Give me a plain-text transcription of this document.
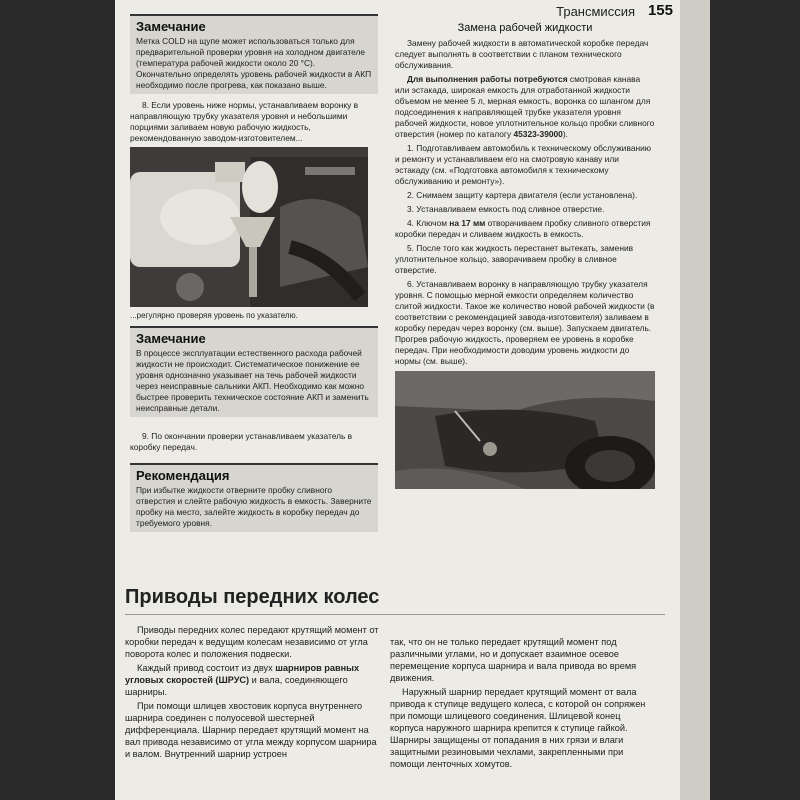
Трансмиссия 155
Замечание
Метка COLD на щупе может использоваться только для предварительной проверки уровня на холодном двигателе (температура рабочей жидкости около 20 °С). Окончательно определять уровень рабочей жидкости в АКП необходимо после прогрева, как показано выше.

8. Если уровень ниже нормы, устанавливаем воронку в направляющую трубку указателя уровня и небольшими порциями заливаем новую рабочую жидкость, рекомендованную заводом-изготовителем...

...регулярно проверяя уровень по указателю.
Замечание
В процессе эксплуатации естественного расхода рабочей жидкости не происходит. Систематическое понижение ее уровня однозначно указывает на течь рабочей жидкости через неисправные сальники АКП. Необходимо как можно быстрее проверить техническое состояние АКП и заменить неисправные детали.

9. По окончании проверки устанавливаем указатель в коробку передач.

Рекомендация
При избытке жидкости отверните пробку сливного отверстия и слейте рабочую жидкость в емкость. Заверните пробку на место, залейте жидкость в коробку передач до требуемого уровня.
Замена рабочей жидкости

Замену рабочей жидкости в автоматической коробке передач следует выполнять в соответствии с планом технического обслуживания.

Для выполнения работы потребуются смотровая канава или эстакада, широкая емкость для отработанной жидкости объемом не менее 5 л, мерная емкость, воронка со шлангом для подсоединения к направляющей трубке указателя уровня рабочей жидкости, новое уплотнительное кольцо пробки сливного отверстия (номер по каталогу 45323-39000).

1. Подготавливаем автомобиль к техническому обслуживанию и ремонту и устанавливаем его на смотровую канаву или эстакаду (см. «Подготовка автомобиля к техническому обслуживанию и ремонту»).

2. Снимаем защиту картера двигателя (если установлена).

3. Устанавливаем емкость под сливное отверстие.

4. Ключом на 17 мм отворачиваем пробку сливного отверстия коробки передач и сливаем жидкость в емкость.

5. После того как жидкость перестанет вытекать, заменив уплотнительное кольцо, заворачиваем пробку в сливное отверстие.

6. Устанавливаем воронку в направляющую трубку указателя уровня. С помощью мерной емкости определяем количество слитой жидкости. Такое же количество новой рабочей жидкости (в соответствии с рекомендацией завода-изготовителя) заливаем в коробку передач через воронку (см. выше). Запускаем двигатель. Прогрев рабочую жидкость, проверяем ее уровень в коробке передач. При необходимости доводим уровень жидкости до нормы (см. выше).

Приводы передних колес

Приводы передних колес передают крутящий момент от коробки передач к ведущим колесам независимо от угла поворота колес и положения подвески.

Каждый привод состоит из двух шарниров равных угловых скоростей (ШРУС) и вала, соединяющего шарниры.

При помощи шлицев хвостовик корпуса внутреннего шарнира соединен с полуосевой шестерней дифференциала. Шарнир передает крутящий момент на вал привода независимо от угла между корпусом шарнира и валом. Внутренний шарнир устроен

так, что он не только передает крутящий момент под различными углами, но и допускает взаимное осевое перемещение корпуса шарнира и вала привода во время движения.

Наружный шарнир передает крутящий момент от вала привода к ступице ведущего колеса, с которой он сопряжен при помощи шлицевого соединения. Шлицевой конец корпуса наружного шарнира крепится к ступице гайкой. Шарниры защищены от попадания в них грязи и влаги защитными резиновыми чехлами, закрепленными при помощи ленточных хомутов.
